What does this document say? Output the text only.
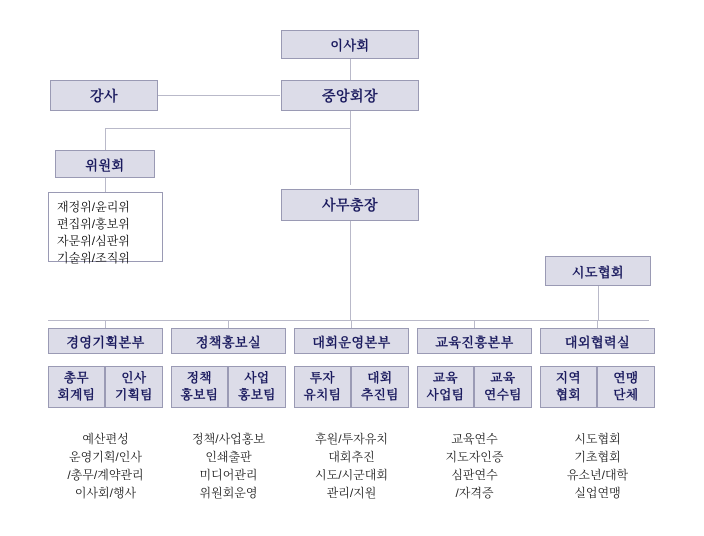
이사회
중앙회장
강사
위원회
재정위/윤리위
편집위/홍보위
자문위/심판위
기술위/조직위
사무총장
시도협회
경영기획본부
총무
회계팀
인사
기획팀
예산편성
운영기획/인사
/총무/계약관리
이사회/행사
정책홍보실
정책
홍보팀
사업
홍보팀
정책/사업홍보
인쇄출판
미디어관리
위원회운영
대회운영본부
투자
유치팀
대회
추진팀
후원/투자유치
대회추진
시도/시군대회
관리/지원
교육진흥본부
교육
사업팀
교육
연수팀
교육연수
지도자인증
심판연수
/자격증
대외협력실
지역
협회
연맹
단체
시도협회
기초협회
유소년/대학
실업연맹
